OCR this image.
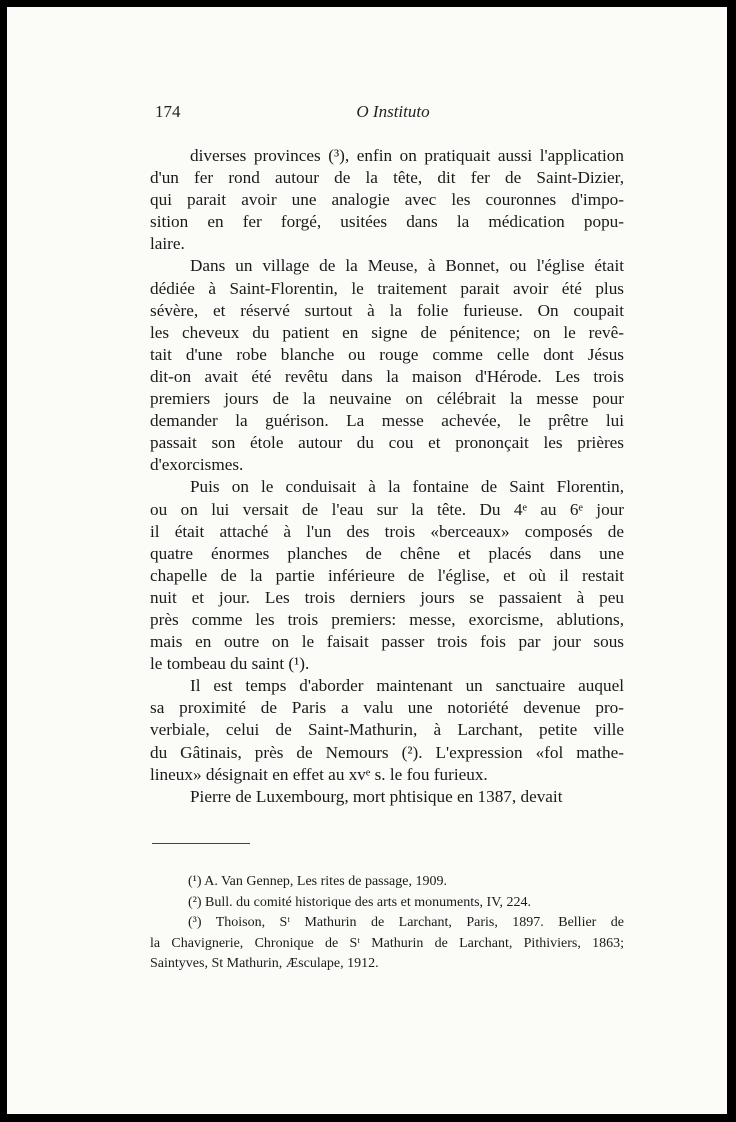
174	O Instituto
diverses provinces (³), enfin on pratiquait aussi l'application
d'un fer rond autour de la tête, dit fer de Saint-Dizier,
qui parait avoir une analogie avec les couronnes d'impo-
sition en fer forgé, usitées dans la médication popu-
laire.
Dans un village de la Meuse, à Bonnet, ou l'église était
dédiée à Saint-Florentin, le traitement parait avoir été plus
sévère, et réservé surtout à la folie furieuse. On coupait
les cheveux du patient en signe de pénitence; on le revê-
tait d'une robe blanche ou rouge comme celle dont Jésus
dit-on avait été revêtu dans la maison d'Hérode. Les trois
premiers jours de la neuvaine on célébrait la messe pour
demander la guérison. La messe achevée, le prêtre lui
passait son étole autour du cou et prononçait les prières
d'exorcismes.
Puis on le conduisait à la fontaine de Saint Florentin,
ou on lui versait de l'eau sur la tête. Du 4ᵉ au 6ᵉ jour
il était attaché à l'un des trois «berceaux» composés de
quatre énormes planches de chêne et placés dans une
chapelle de la partie inférieure de l'église, et où il restait
nuit et jour. Les trois derniers jours se passaient à peu
près comme les trois premiers: messe, exorcisme, ablutions,
mais en outre on le faisait passer trois fois par jour sous
le tombeau du saint (¹).
Il est temps d'aborder maintenant un sanctuaire auquel
sa proximité de Paris a valu une notoriété devenue pro-
verbiale, celui de Saint-Mathurin, à Larchant, petite ville
du Gâtinais, près de Nemours (²). L'expression «fol mathe-
lineux» désignait en effet au xvᵉ s. le fou furieux.
Pierre de Luxembourg, mort phtisique en 1387, devait
(¹) A. Van Gennep, Les rites de passage, 1909.
(²) Bull. du comité historique des arts et monuments, IV, 224.
(³) Thoison, Sᵗ Mathurin de Larchant, Paris, 1897. Bellier de
la Chavignerie, Chronique de Sᵗ Mathurin de Larchant, Pithiviers, 1863;
Saintyves, St Mathurin, Æsculape, 1912.
